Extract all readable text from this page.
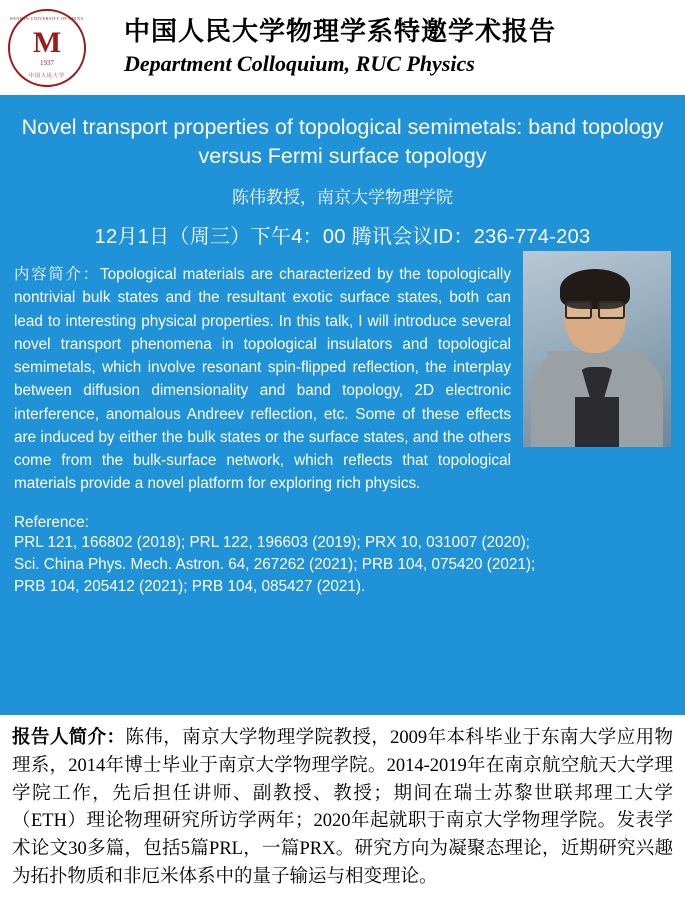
RENMIN UNIVERSITY OF CHINA
M
1937
中国人民大学
中国人民大学物理学系特邀学术报告
Department Colloquium, RUC Physics
Novel transport properties of topological semimetals: band topology versus Fermi surface topology
陈伟教授，南京大学物理学院
12月1日（周三）下午4：00 腾讯会议ID：236-774-203
内容简介：Topological materials are characterized by the topologically nontrivial bulk states and the resultant exotic surface states, both can lead to interesting physical properties. In this talk, I will introduce several novel transport phenomena in topological insulators and topological semimetals, which involve resonant spin-flipped reflection, the interplay between diffusion dimensionality and band topology, 2D electronic interference, anomalous Andreev reflection, etc. Some of these effects are induced by either the bulk states or the surface states, and the others come from the bulk-surface network, which reflects that topological materials provide a novel platform for exploring rich physics.
Reference:
PRL 121, 166802 (2018); PRL 122, 196603 (2019); PRX 10, 031007 (2020);
Sci. China Phys. Mech. Astron. 64, 267262 (2021); PRB 104, 075420 (2021);
PRB 104, 205412 (2021); PRB 104, 085427 (2021).
报告人简介：陈伟，南京大学物理学院教授，2009年本科毕业于东南大学应用物理系，2014年博士毕业于南京大学物理学院。2014-2019年在南京航空航天大学理学院工作，先后担任讲师、副教授、教授；期间在瑞士苏黎世联邦理工大学（ETH）理论物理研究所访学两年；2020年起就职于南京大学物理学院。发表学术论文30多篇，包括5篇PRL，一篇PRX。研究方向为凝聚态理论，近期研究兴趣为拓扑物质和非厄米体系中的量子输运与相变理论。
